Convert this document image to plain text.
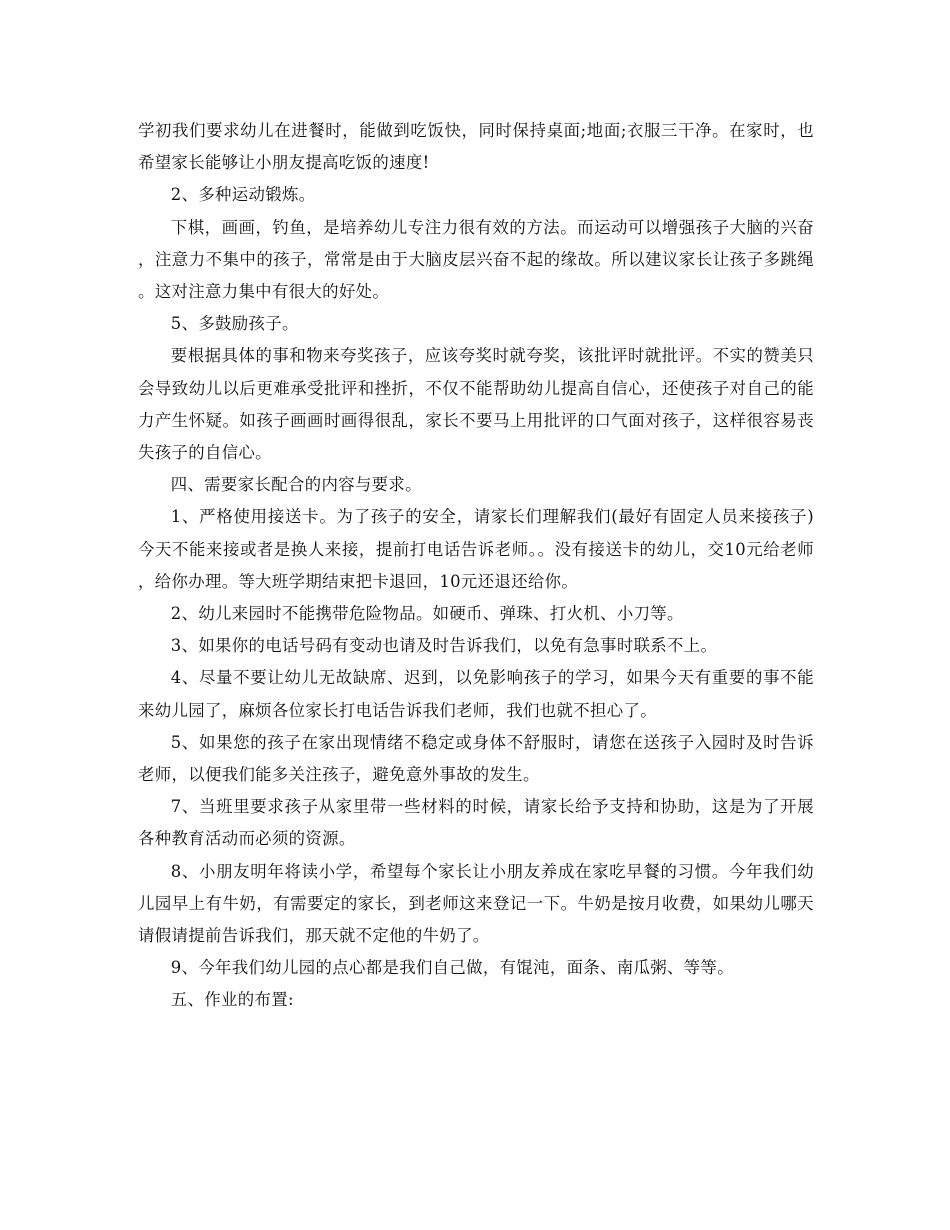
学初我们要求幼儿在进餐时，能做到吃饭快，同时保持桌面;地面;衣服三干净。在家时，也希望家长能够让小朋友提高吃饭的速度!

2、多种运动锻炼。

下棋，画画，钓鱼，是培养幼儿专注力很有效的方法。而运动可以增强孩子大脑的兴奋，注意力不集中的孩子，常常是由于大脑皮层兴奋不起的缘故。所以建议家长让孩子多跳绳。这对注意力集中有很大的好处。

5、多鼓励孩子。

要根据具体的事和物来夸奖孩子，应该夸奖时就夸奖，该批评时就批评。不实的赞美只会导致幼儿以后更难承受批评和挫折，不仅不能帮助幼儿提高自信心，还使孩子对自己的能力产生怀疑。如孩子画画时画得很乱，家长不要马上用批评的口气面对孩子，这样很容易丧失孩子的自信心。

四、需要家长配合的内容与要求。

1、严格使用接送卡。为了孩子的安全，请家长们理解我们(最好有固定人员来接孩子)今天不能来接或者是换人来接，提前打电话告诉老师。。没有接送卡的幼儿，交10元给老师，给你办理。等大班学期结束把卡退回，10元还退还给你。

2、幼儿来园时不能携带危险物品。如硬币、弹珠、打火机、小刀等。

3、如果你的电话号码有变动也请及时告诉我们，以免有急事时联系不上。

4、尽量不要让幼儿无故缺席、迟到，以免影响孩子的学习，如果今天有重要的事不能来幼儿园了，麻烦各位家长打电话告诉我们老师，我们也就不担心了。

5、如果您的孩子在家出现情绪不稳定或身体不舒服时，请您在送孩子入园时及时告诉老师，以便我们能多关注孩子，避免意外事故的发生。

7、当班里要求孩子从家里带一些材料的时候，请家长给予支持和协助，这是为了开展各种教育活动而必须的资源。

8、小朋友明年将读小学，希望每个家长让小朋友养成在家吃早餐的习惯。今年我们幼儿园早上有牛奶，有需要定的家长，到老师这来登记一下。牛奶是按月收费，如果幼儿哪天请假请提前告诉我们，那天就不定他的牛奶了。

9、今年我们幼儿园的点心都是我们自己做，有馄沌，面条、南瓜粥、等等。

五、作业的布置:
